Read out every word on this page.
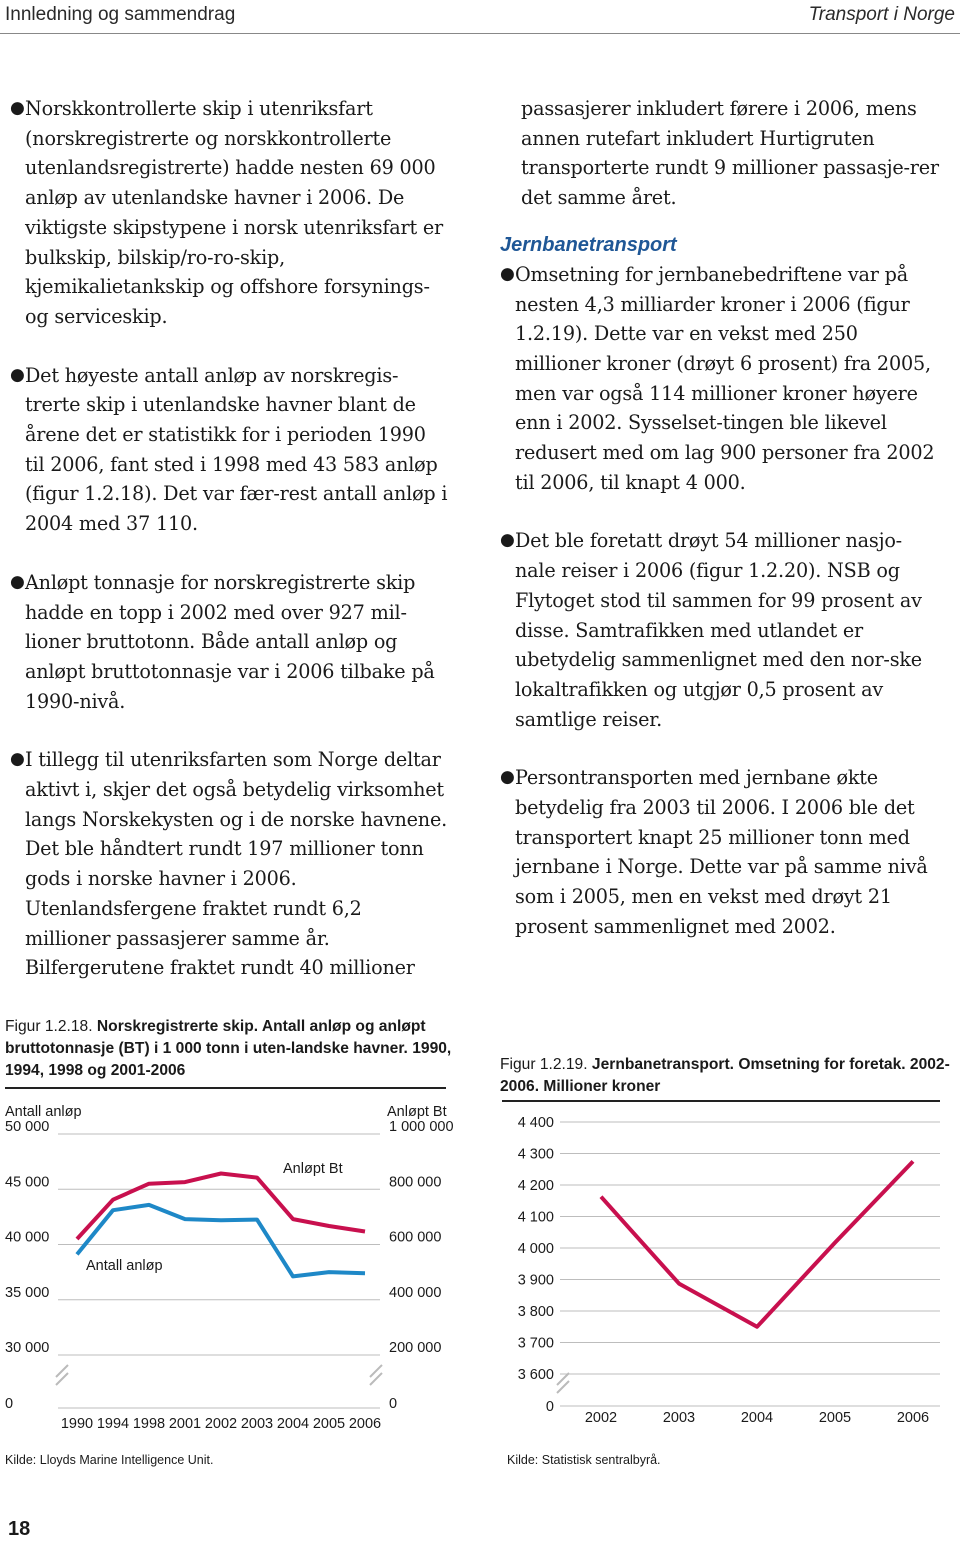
Innledning og sammendrag	Transport i Norge
● Norskkontrollerte skip i utenriksfart (norskregistrerte og norskkontrollerte utenlandsregistrerte) hadde nesten 69 000 anløp av utenlandske havner i 2006. De viktigste skipstypene i norsk utenriksfart er bulkskip, bilskip/ro-ro-skip, kjemikalietankskip og offshore forsynings- og serviceskip.
● Det høyeste antall anløp av norskregis-trerte skip i utenlandske havner blant de årene det er statistikk for i perioden 1990 til 2006, fant sted i 1998 med 43 583 anløp (figur 1.2.18). Det var fær-rest antall anløp i 2004 med 37 110.
● Anløpt tonnasje for norskregistrerte skip hadde en topp i 2002 med over 927 mil-lioner bruttotonn. Både antall anløp og anløpt bruttotonnasje var i 2006 tilbake på 1990-nivå.
● I tillegg til utenriksfarten som Norge deltar aktivt i, skjer det også betydelig virksomhet langs Norskekysten og i de norske havnene. Det ble håndtert rundt 197 millioner tonn gods i norske havner i 2006. Utenlandsfergene fraktet rundt 6,2 millioner passasjerer samme år. Bilfergerutene fraktet rundt 40 millioner
passasjerer inkludert førere i 2006, mens annen rutefart inkludert Hurtigruten transporterte rundt 9 millioner passasje-rer det samme året.
Jernbanetransport
● Omsetning for jernbanebedriftene var på nesten 4,3 milliarder kroner i 2006 (figur 1.2.19). Dette var en vekst med 250 millioner kroner (drøyt 6 prosent) fra 2005, men var også 114 millioner kroner høyere enn i 2002. Sysselset-tingen ble likevel redusert med om lag 900 personer fra 2002 til 2006, til knapt 4 000.
● Det ble foretatt drøyt 54 millioner nasjo-nale reiser i 2006 (figur 1.2.20). NSB og Flytoget stod til sammen for 99 prosent av disse. Samtrafikken med utlandet er ubetydelig sammenlignet med den nor-ske lokaltrafikken og utgjør 0,5 prosent av samtlige reiser.
● Persontransporten med jernbane økte betydelig fra 2003 til 2006. I 2006 ble det transportert knapt 25 millioner tonn med jernbane i Norge. Dette var på samme nivå som i 2005, men en vekst med drøyt 21 prosent sammenlignet med 2002.
Figur 1.2.18. Norskregistrerte skip. Antall anløp og anløpt bruttotonnasje (BT) i 1 000 tonn i uten-landske havner. 1990, 1994, 1998 og 2001-2006
Antall anløp	Anløpt Bt
50 000
45 000
40 000
35 000
30 000
0
1 000 000
800 000
600 000
400 000
200 000
0
1990 1994 1998 2001 2002 2003 2004 2005 2006
Anløpt Bt
Antall anløp
Kilde: Lloyds Marine Intelligence Unit.
Figur 1.2.19. Jernbanetransport. Omsetning for foretak. 2002-2006. Millioner kroner
4 400
4 300
4 200
4 100
4 000
3 900
3 800
3 700
3 600
0
2002	2003	2004	2005	2006
Kilde: Statistisk sentralbyrå.
18
